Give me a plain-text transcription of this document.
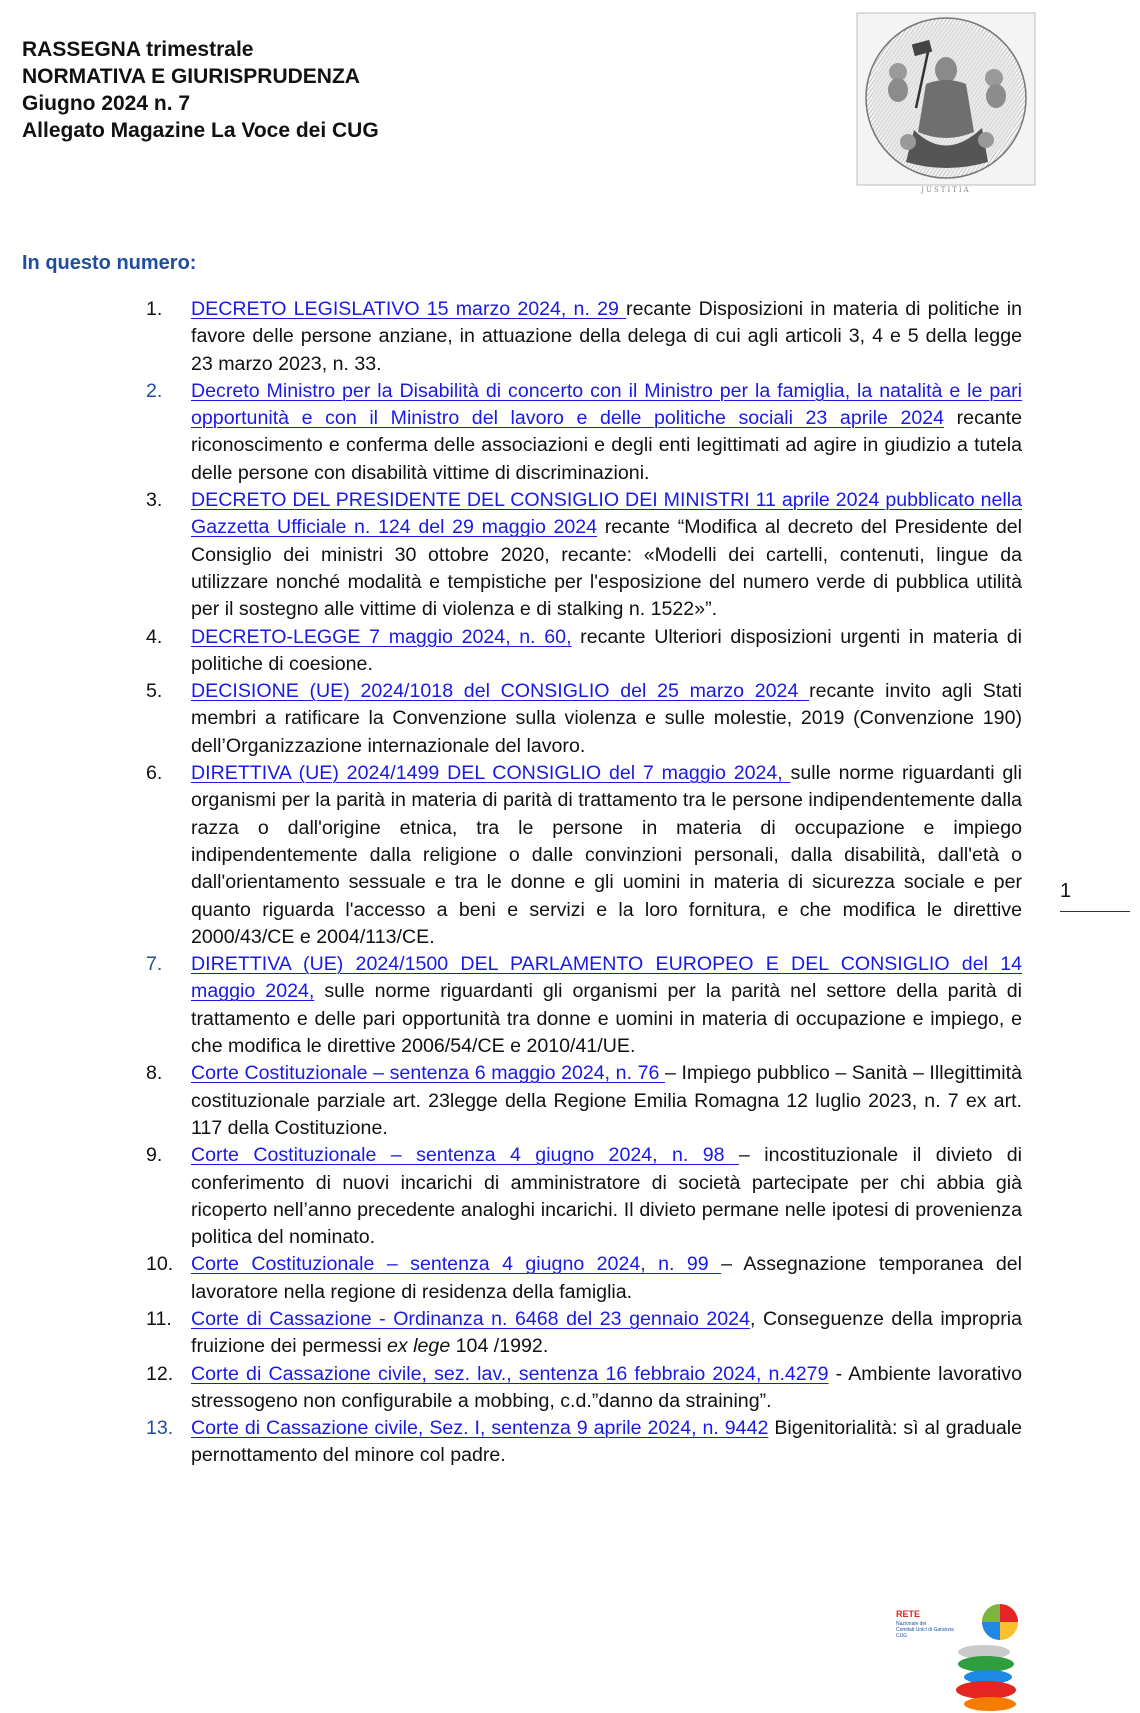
RASSEGNA trimestrale
NORMATIVA E GIURISPRUDENZA
Giugno 2024 n. 7
Allegato Magazine La Voce dei CUG
JUSTITIA
In questo numero:
1.	DECRETO LEGISLATIVO 15 marzo 2024, n. 29 recante Disposizioni in materia di politiche in favore delle persone anziane, in attuazione della delega di cui agli articoli 3, 4 e 5 della legge 23 marzo 2023, n. 33.
2.	Decreto Ministro per la Disabilità di concerto con il Ministro per la famiglia, la natalità e le pari opportunità e con il Ministro del lavoro e delle politiche sociali 23 aprile 2024 recante riconoscimento e conferma delle associazioni e degli enti legittimati ad agire in giudizio a tutela delle persone con disabilità vittime di discriminazioni.
3.	DECRETO DEL PRESIDENTE DEL CONSIGLIO DEI MINISTRI 11 aprile 2024 pubblicato nella Gazzetta Ufficiale n. 124 del 29 maggio 2024 recante “Modifica al decreto del Presidente del Consiglio dei ministri 30 ottobre 2020, recante: «Modelli dei cartelli, contenuti, lingue da utilizzare nonché modalità e tempistiche per l'esposizione del numero verde di pubblica utilità per il sostegno alle vittime di violenza e di stalking n. 1522»”.
4.	DECRETO-LEGGE 7 maggio 2024, n. 60, recante Ulteriori disposizioni urgenti in materia di politiche di coesione.
5.	DECISIONE (UE) 2024/1018 del CONSIGLIO del 25 marzo 2024 recante invito agli Stati membri a ratificare la Convenzione sulla violenza e sulle molestie, 2019 (Convenzione 190) dell’Organizzazione internazionale del lavoro.
6.	DIRETTIVA (UE) 2024/1499 DEL CONSIGLIO del 7 maggio 2024, sulle norme riguardanti gli organismi per la parità in materia di parità di trattamento tra le persone indipendentemente dalla razza o dall'origine etnica, tra le persone in materia di occupazione e impiego indipendentemente dalla religione o dalle convinzioni personali, dalla disabilità, dall'età o dall'orientamento sessuale e tra le donne e gli uomini in materia di sicurezza sociale e per quanto riguarda l'accesso a beni e servizi e la loro fornitura, e che modifica le direttive 2000/43/CE e 2004/113/CE.
7.	DIRETTIVA (UE) 2024/1500 DEL PARLAMENTO EUROPEO E DEL CONSIGLIO del 14 maggio 2024, sulle norme riguardanti gli organismi per la parità nel settore della parità di trattamento e delle pari opportunità tra donne e uomini in materia di occupazione e impiego, e che modifica le direttive 2006/54/CE e 2010/41/UE.
8.	Corte Costituzionale – sentenza 6 maggio 2024, n. 76 – Impiego pubblico – Sanità – Illegittimità costituzionale parziale art. 23legge della Regione Emilia Romagna 12 luglio 2023, n. 7 ex art. 117 della Costituzione.
9.	Corte Costituzionale – sentenza 4 giugno 2024, n. 98 – incostituzionale il divieto di conferimento di nuovi incarichi di amministratore di società partecipate per chi abbia già ricoperto nell’anno precedente analoghi incarichi. Il divieto permane nelle ipotesi di provenienza politica del nominato.
10. Corte Costituzionale – sentenza 4 giugno 2024, n. 99 – Assegnazione temporanea del lavoratore nella regione di residenza della famiglia.
11. Corte di Cassazione - Ordinanza n. 6468 del 23 gennaio 2024, Conseguenze della impropria fruizione dei permessi ex lege 104 /1992.
12. Corte di Cassazione civile, sez. lav., sentenza 16 febbraio 2024, n.4279 - Ambiente lavorativo stressogeno non configurabile a mobbing, c.d.”danno da straining”.
13. Corte di Cassazione civile, Sez. I, sentenza 9 aprile 2024, n. 9442 Bigenitorialità: sì al graduale pernottamento del minore col padre.
1
RETE
Nazionale dei
Comitati Unici di Garanzia
CUG
